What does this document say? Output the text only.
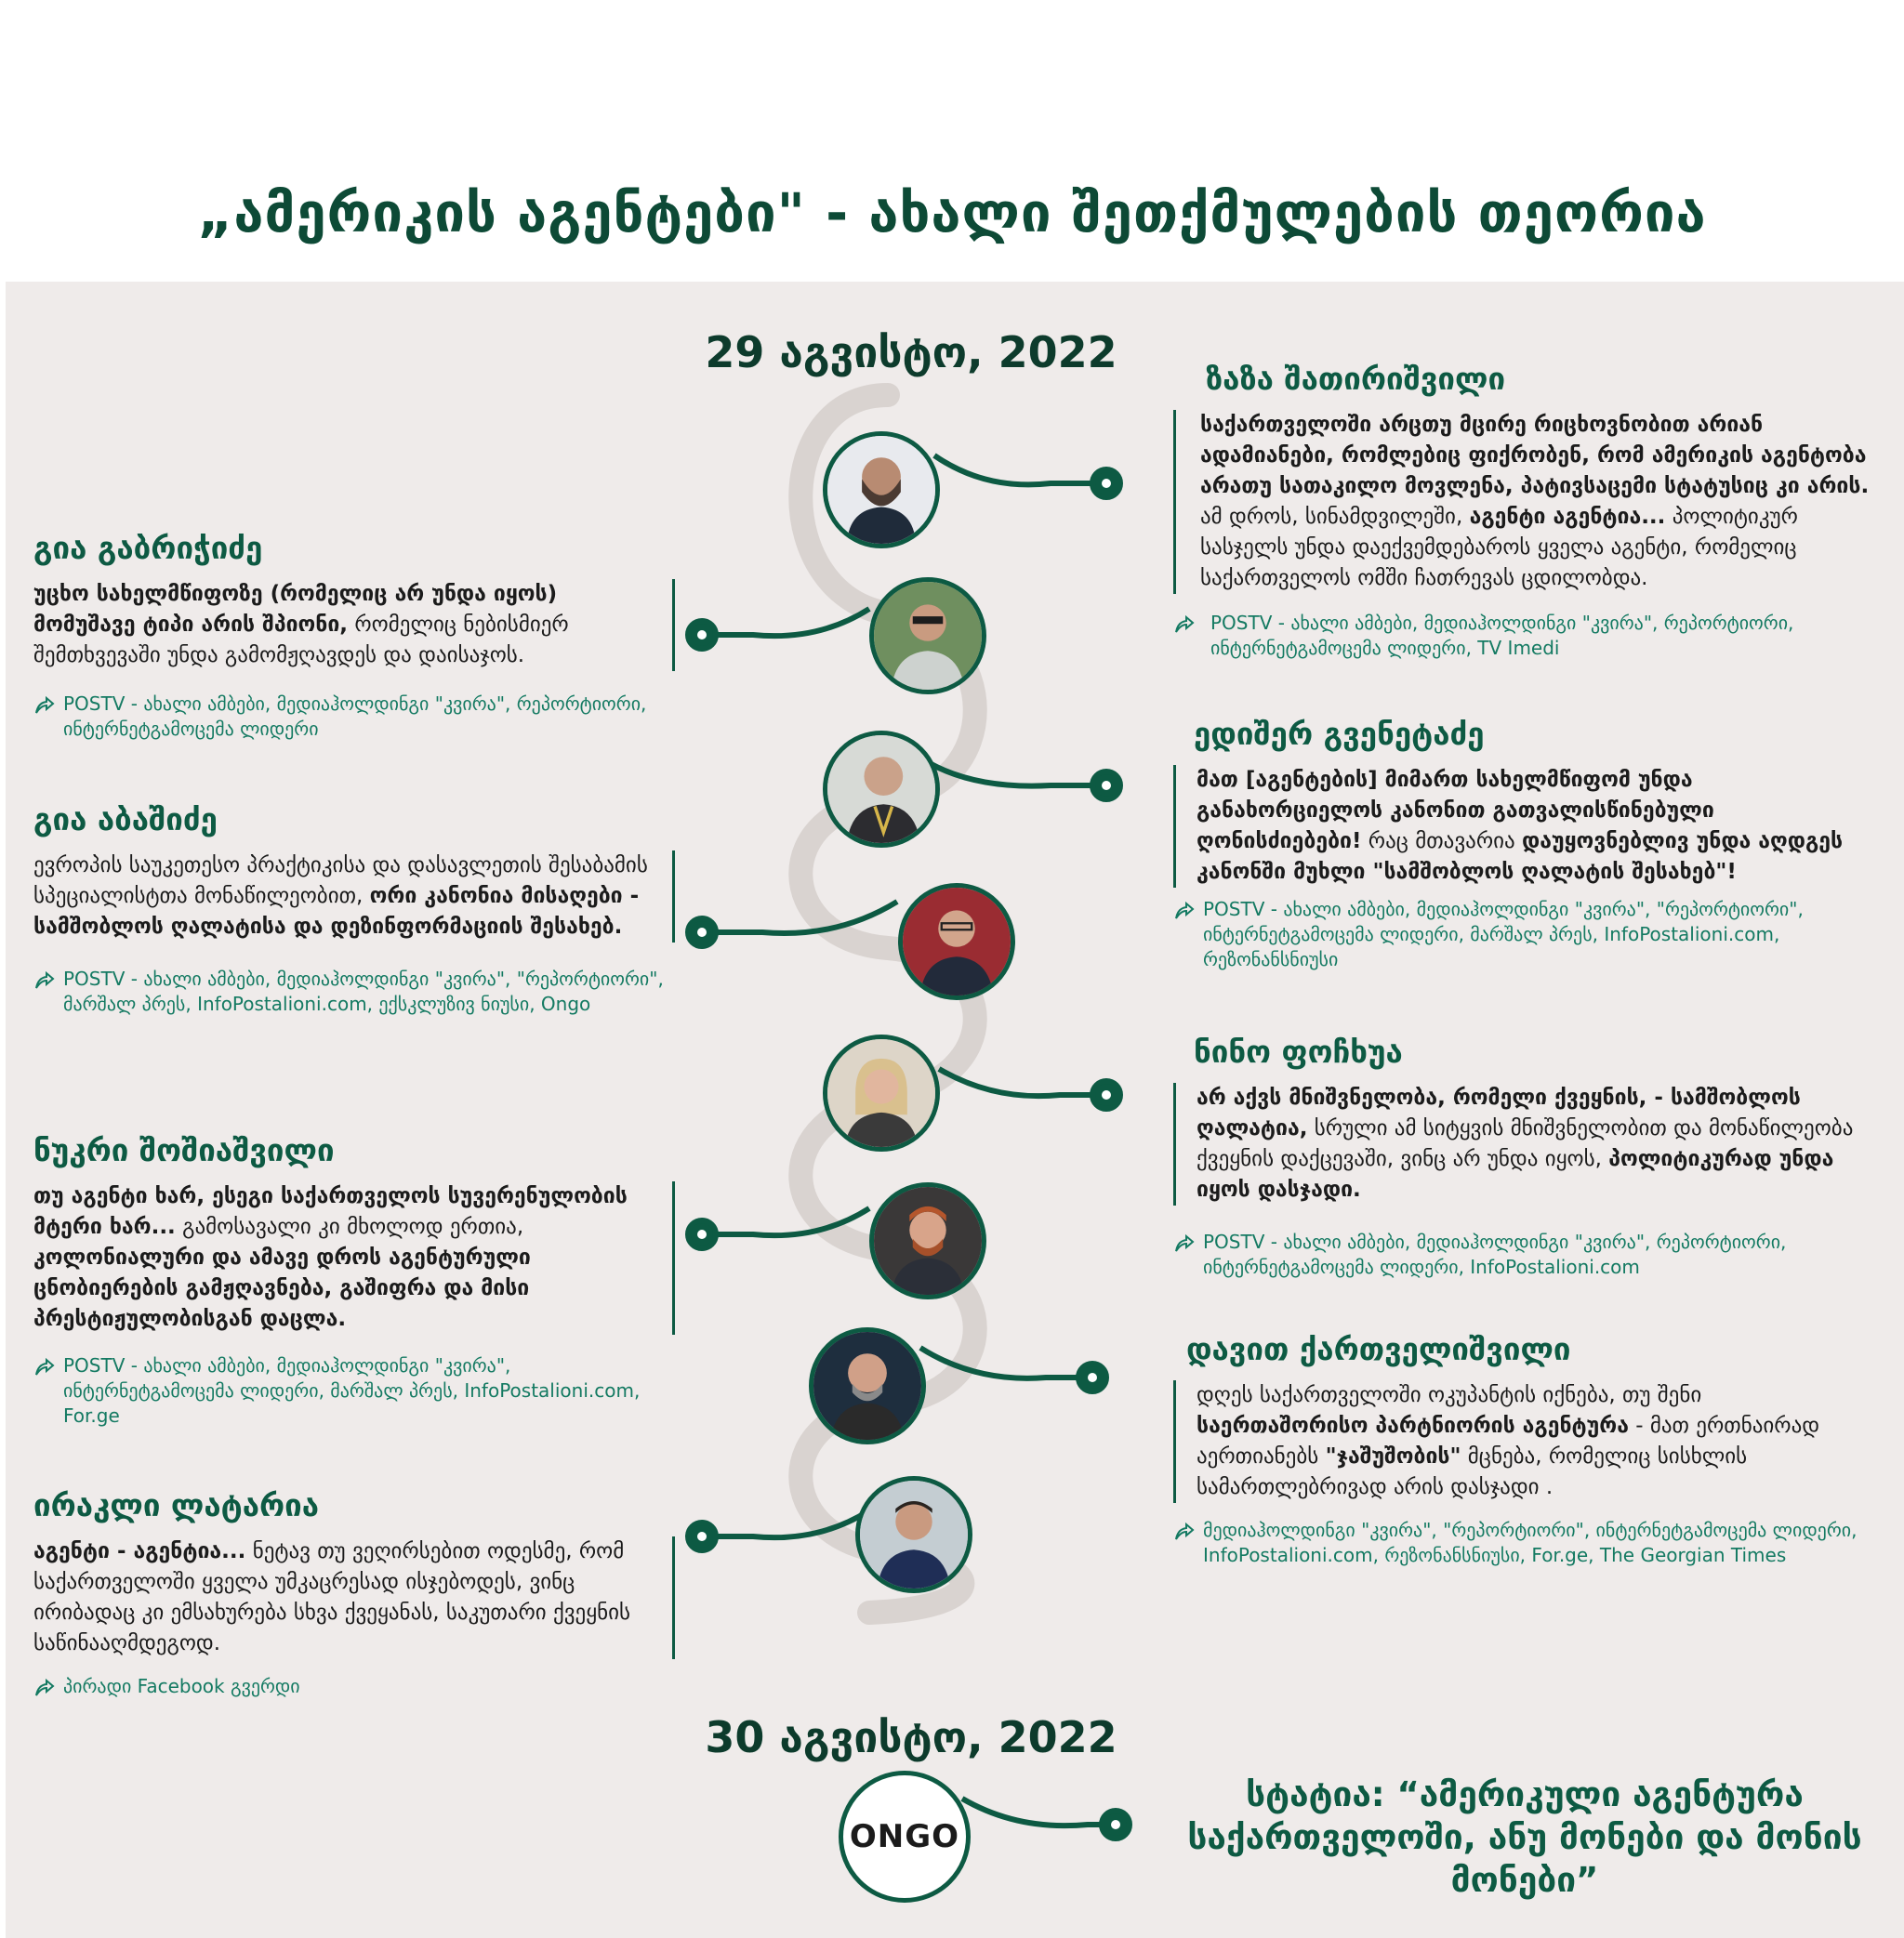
„ამერიკის აგენტები" - ახალი შეთქმულების თეორია
29 აგვისტო, 2022
30 აგვისტო, 2022
ზაზა შათირიშვილი
საქართველოში არცთუ მცირე რიცხოვნობით არიან ადამიანები, რომლებიც ფიქრობენ, რომ ამერიკის აგენტობა არათუ სათაკილო მოვლენა, პატივსაცემი სტატუსიც კი არის. ამ დროს, სინამდვილეში, აგენტი აგენტია... პოლიტიკურ სასჯელს უნდა დაექვემდებაროს ყველა აგენტი, რომელიც საქართველოს ომში ჩათრევას ცდილობდა.
POSTV - ახალი ამბები, მედიაჰოლდინგი "კვირა", რეპორტიორი, ინტერნეტგამოცემა ლიდერი, TV Imedi
ედიშერ გვენეტაძე
მათ [აგენტების] მიმართ სახელმწიფომ უნდა განახორციელოს კანონით გათვალისწინებული ღონისძიებები! რაც მთავარია დაუყოვნებლივ უნდა აღდგეს კანონში მუხლი "სამშობლოს ღალატის შესახებ"!
POSTV - ახალი ამბები, მედიაჰოლდინგი "კვირა", "რეპორტიორი", ინტერნეტგამოცემა ლიდერი, მარშალ პრეს, InfoPostalioni.com, რეზონანსნიუსი
ნინო ფოჩხუა
არ აქვს მნიშვნელობა, რომელი ქვეყნის, - სამშობლოს ღალატია, სრული ამ სიტყვის მნიშვნელობით და მონაწილეობა ქვეყნის დაქცევაში, ვინც არ უნდა იყოს, პოლიტიკურად უნდა იყოს დასჯადი.
POSTV - ახალი ამბები, მედიაჰოლდინგი "კვირა", რეპორტიორი, ინტერნეტგამოცემა ლიდერი, InfoPostalioni.com
დავით ქართველიშვილი
დღეს საქართველოში ოკუპანტის იქნება, თუ შენი საერთაშორისო პარტნიორის აგენტურა - მათ ერთნაირად აერთიანებს "ჯაშუშობის" მცნება, რომელიც სისხლის სამართლებრივად არის დასჯადი .
მედიაჰოლდინგი "კვირა", "რეპორტიორი", ინტერნეტგამოცემა ლიდერი, InfoPostalioni.com, რეზონანსნიუსი, For.ge, The Georgian Times
გია გაბრიჭიძე
უცხო სახელმწიფოზე (რომელიც არ უნდა იყოს) მომუშავე ტიპი არის შპიონი, რომელიც ნებისმიერ შემთხვევაში უნდა გამომჟღავდეს და დაისაჯოს.
POSTV - ახალი ამბები, მედიაჰოლდინგი "კვირა", რეპორტიორი, ინტერნეტგამოცემა ლიდერი
გია აბაშიძე
ევროპის საუკეთესო პრაქტიკისა და დასავლეთის შესაბამის სპეციალისტთა მონაწილეობით, ორი კანონია მისაღები - სამშობლოს ღალატისა და დეზინფორმაციის შესახებ.
POSTV - ახალი ამბები, მედიაჰოლდინგი "კვირა", "რეპორტიორი", მარშალ პრეს, InfoPostalioni.com, ექსკლუზივ ნიუსი, Ongo
ნუკრი შოშიაშვილი
თუ აგენტი ხარ, ესეგი საქართველოს სუვერენულობის მტერი ხარ... გამოსავალი კი მხოლოდ ერთია, კოლონიალური და ამავე დროს აგენტურული ცნობიერების გამჟღავნება, გაშიფრა და მისი პრესტიჟულობისგან დაცლა.
POSTV - ახალი ამბები, მედიაჰოლდინგი "კვირა", ინტერნეტგამოცემა ლიდერი, მარშალ პრეს, InfoPostalioni.com, For.ge
ირაკლი ლატარია
აგენტი - აგენტია... ნეტავ თუ ვეღირსებით ოდესმე, რომ საქართველოში ყველა უმკაცრესად ისჯებოდეს, ვინც ირიბადაც კი ემსახურება სხვა ქვეყანას, საკუთარი ქვეყნის საწინააღმდეგოდ.
პირადი Facebook გვერდი
ONGO
სტატია: “ამერიკული აგენტურა საქართველოში, ანუ მონები და მონის მონები”
